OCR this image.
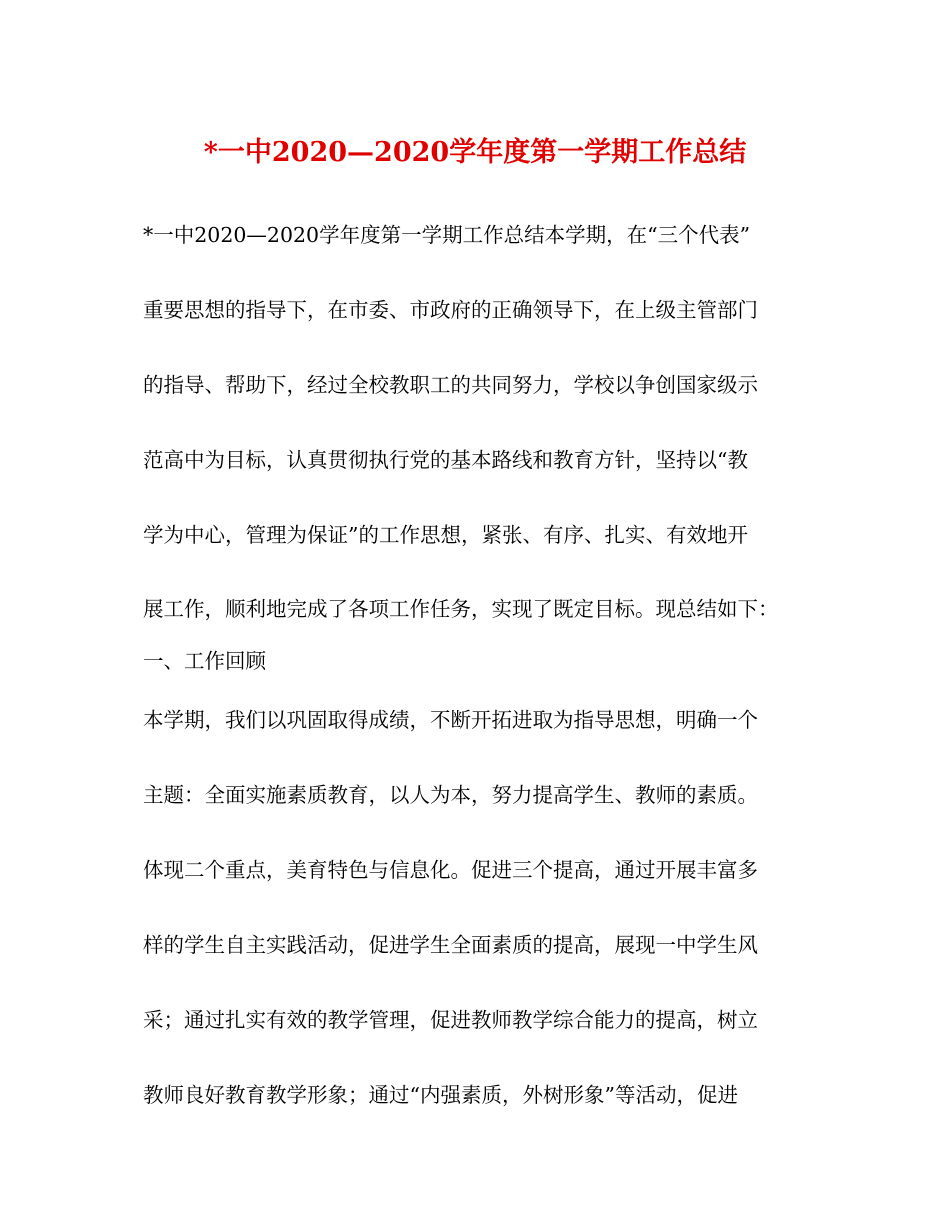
*一中2020—2020学年度第一学期工作总结
*一中2020—2020学年度第一学期工作总结本学期，在“三个代表”
重要思想的指导下，在市委、市政府的正确领导下，在上级主管部门
的指导、帮助下，经过全校教职工的共同努力，学校以争创国家级示
范高中为目标，认真贯彻执行党的基本路线和教育方针，坚持以“教
学为中心，管理为保证”的工作思想，紧张、有序、扎实、有效地开
展工作，顺利地完成了各项工作任务，实现了既定目标。现总结如下：
一、工作回顾
本学期，我们以巩固取得成绩，不断开拓进取为指导思想，明确一个
主题：全面实施素质教育，以人为本，努力提高学生、教师的素质。
体现二个重点，美育特色与信息化。促进三个提高，通过开展丰富多
样的学生自主实践活动，促进学生全面素质的提高，展现一中学生风
采；通过扎实有效的教学管理，促进教师教学综合能力的提高，树立
教师良好教育教学形象；通过“内强素质，外树形象”等活动，促进
